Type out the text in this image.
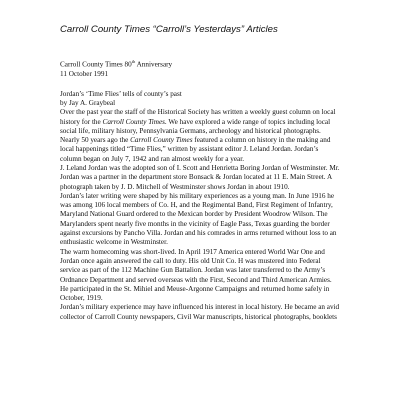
Carroll County Times “Carroll’s Yesterdays” Articles
Carroll County Times 80th Anniversary
11 October 1991
Jordan’s ‘Time Flies’ tells of county’s past
by Jay A. Graybeal

Over the past year the staff of the Historical Society has written a weekly guest column on local history for the Carroll County Times. We have explored a wide range of topics including local social life, military history, Pennsylvania Germans, archeology and historical photographs.

Nearly 50 years ago the Carroll County Times featured a column on history in the making and local happenings titled “Time Flies,” written by assistant editor J. Leland Jordan. Jordan’s column began on July 7, 1942 and ran almost weekly for a year.

J. Leland Jordan was the adopted son of I. Scott and Henrietta Boring Jordan of Westminster. Mr. Jordan was a partner in the department store Bonsack & Jordan located at 11 E. Main Street. A photograph taken by J. D. Mitchell of Westminster shows Jordan in about 1910.

Jordan’s later writing were shaped by his military experiences as a young man. In June 1916 he was among 106 local members of Co. H, and the Regimental Band, First Regiment of Infantry, Maryland National Guard ordered to the Mexican border by President Woodrow Wilson. The Marylanders spent nearly five months in the vicinity of Eagle Pass, Texas guarding the border against excursions by Pancho Villa. Jordan and his comrades in arms returned without loss to an enthusiastic welcome in Westminster.

The warm homecoming was short-lived. In April 1917 America entered World War One and Jordan once again answered the call to duty. His old Unit Co. H was mustered into Federal service as part of the 112 Machine Gun Battalion. Jordan was later transferred to the Army’s Ordnance Department and served overseas with the First, Second and Third American Armies. He participated in the St. Mihiel and Meuse-Argonne Campaigns and returned home safely in October, 1919.

Jordan’s military experience may have influenced his interest in local history. He became an avid collector of Carroll County newspapers, Civil War manuscripts, historical photographs, booklets
